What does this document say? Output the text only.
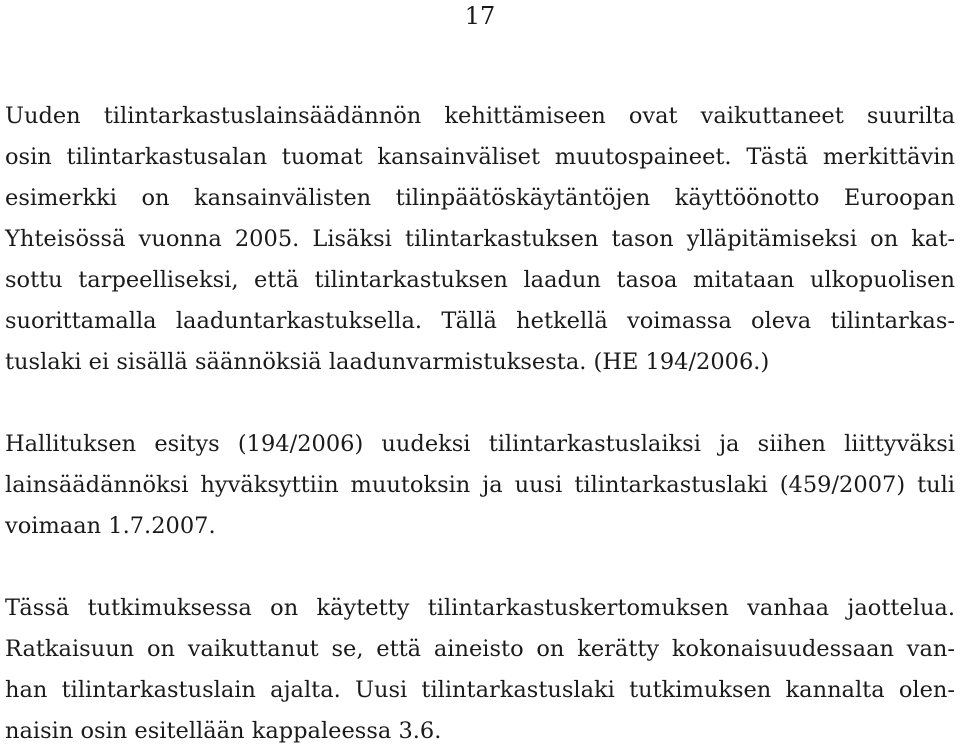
17

Uuden tilintarkastuslainsäädännön kehittämiseen ovat vaikuttaneet suurilta
osin tilintarkastusalan tuomat kansainväliset muutospaineet. Tästä merkittävin
esimerkki on kansainvälisten tilinpäätöskäytäntöjen käyttöönotto Euroopan
Yhteisössä vuonna 2005. Lisäksi tilintarkastuksen tason ylläpitämiseksi on kat-
sottu tarpeelliseksi, että tilintarkastuksen laadun tasoa mitataan ulkopuolisen
suorittamalla laaduntarkastuksella. Tällä hetkellä voimassa oleva tilintarkas-
tuslaki ei sisällä säännöksiä laadunvarmistuksesta. (HE 194/2006.)

Hallituksen esitys (194/2006) uudeksi tilintarkastuslaiksi ja siihen liittyväksi
lainsäädännöksi hyväksyttiin muutoksin ja uusi tilintarkastuslaki (459/2007) tuli
voimaan 1.7.2007.

Tässä tutkimuksessa on käytetty tilintarkastuskertomuksen vanhaa jaottelua.
Ratkaisuun on vaikuttanut se, että aineisto on kerätty kokonaisuudessaan van-
han tilintarkastuslain ajalta. Uusi tilintarkastuslaki tutkimuksen kannalta olen-
naisin osin esitellään kappaleessa 3.6.
